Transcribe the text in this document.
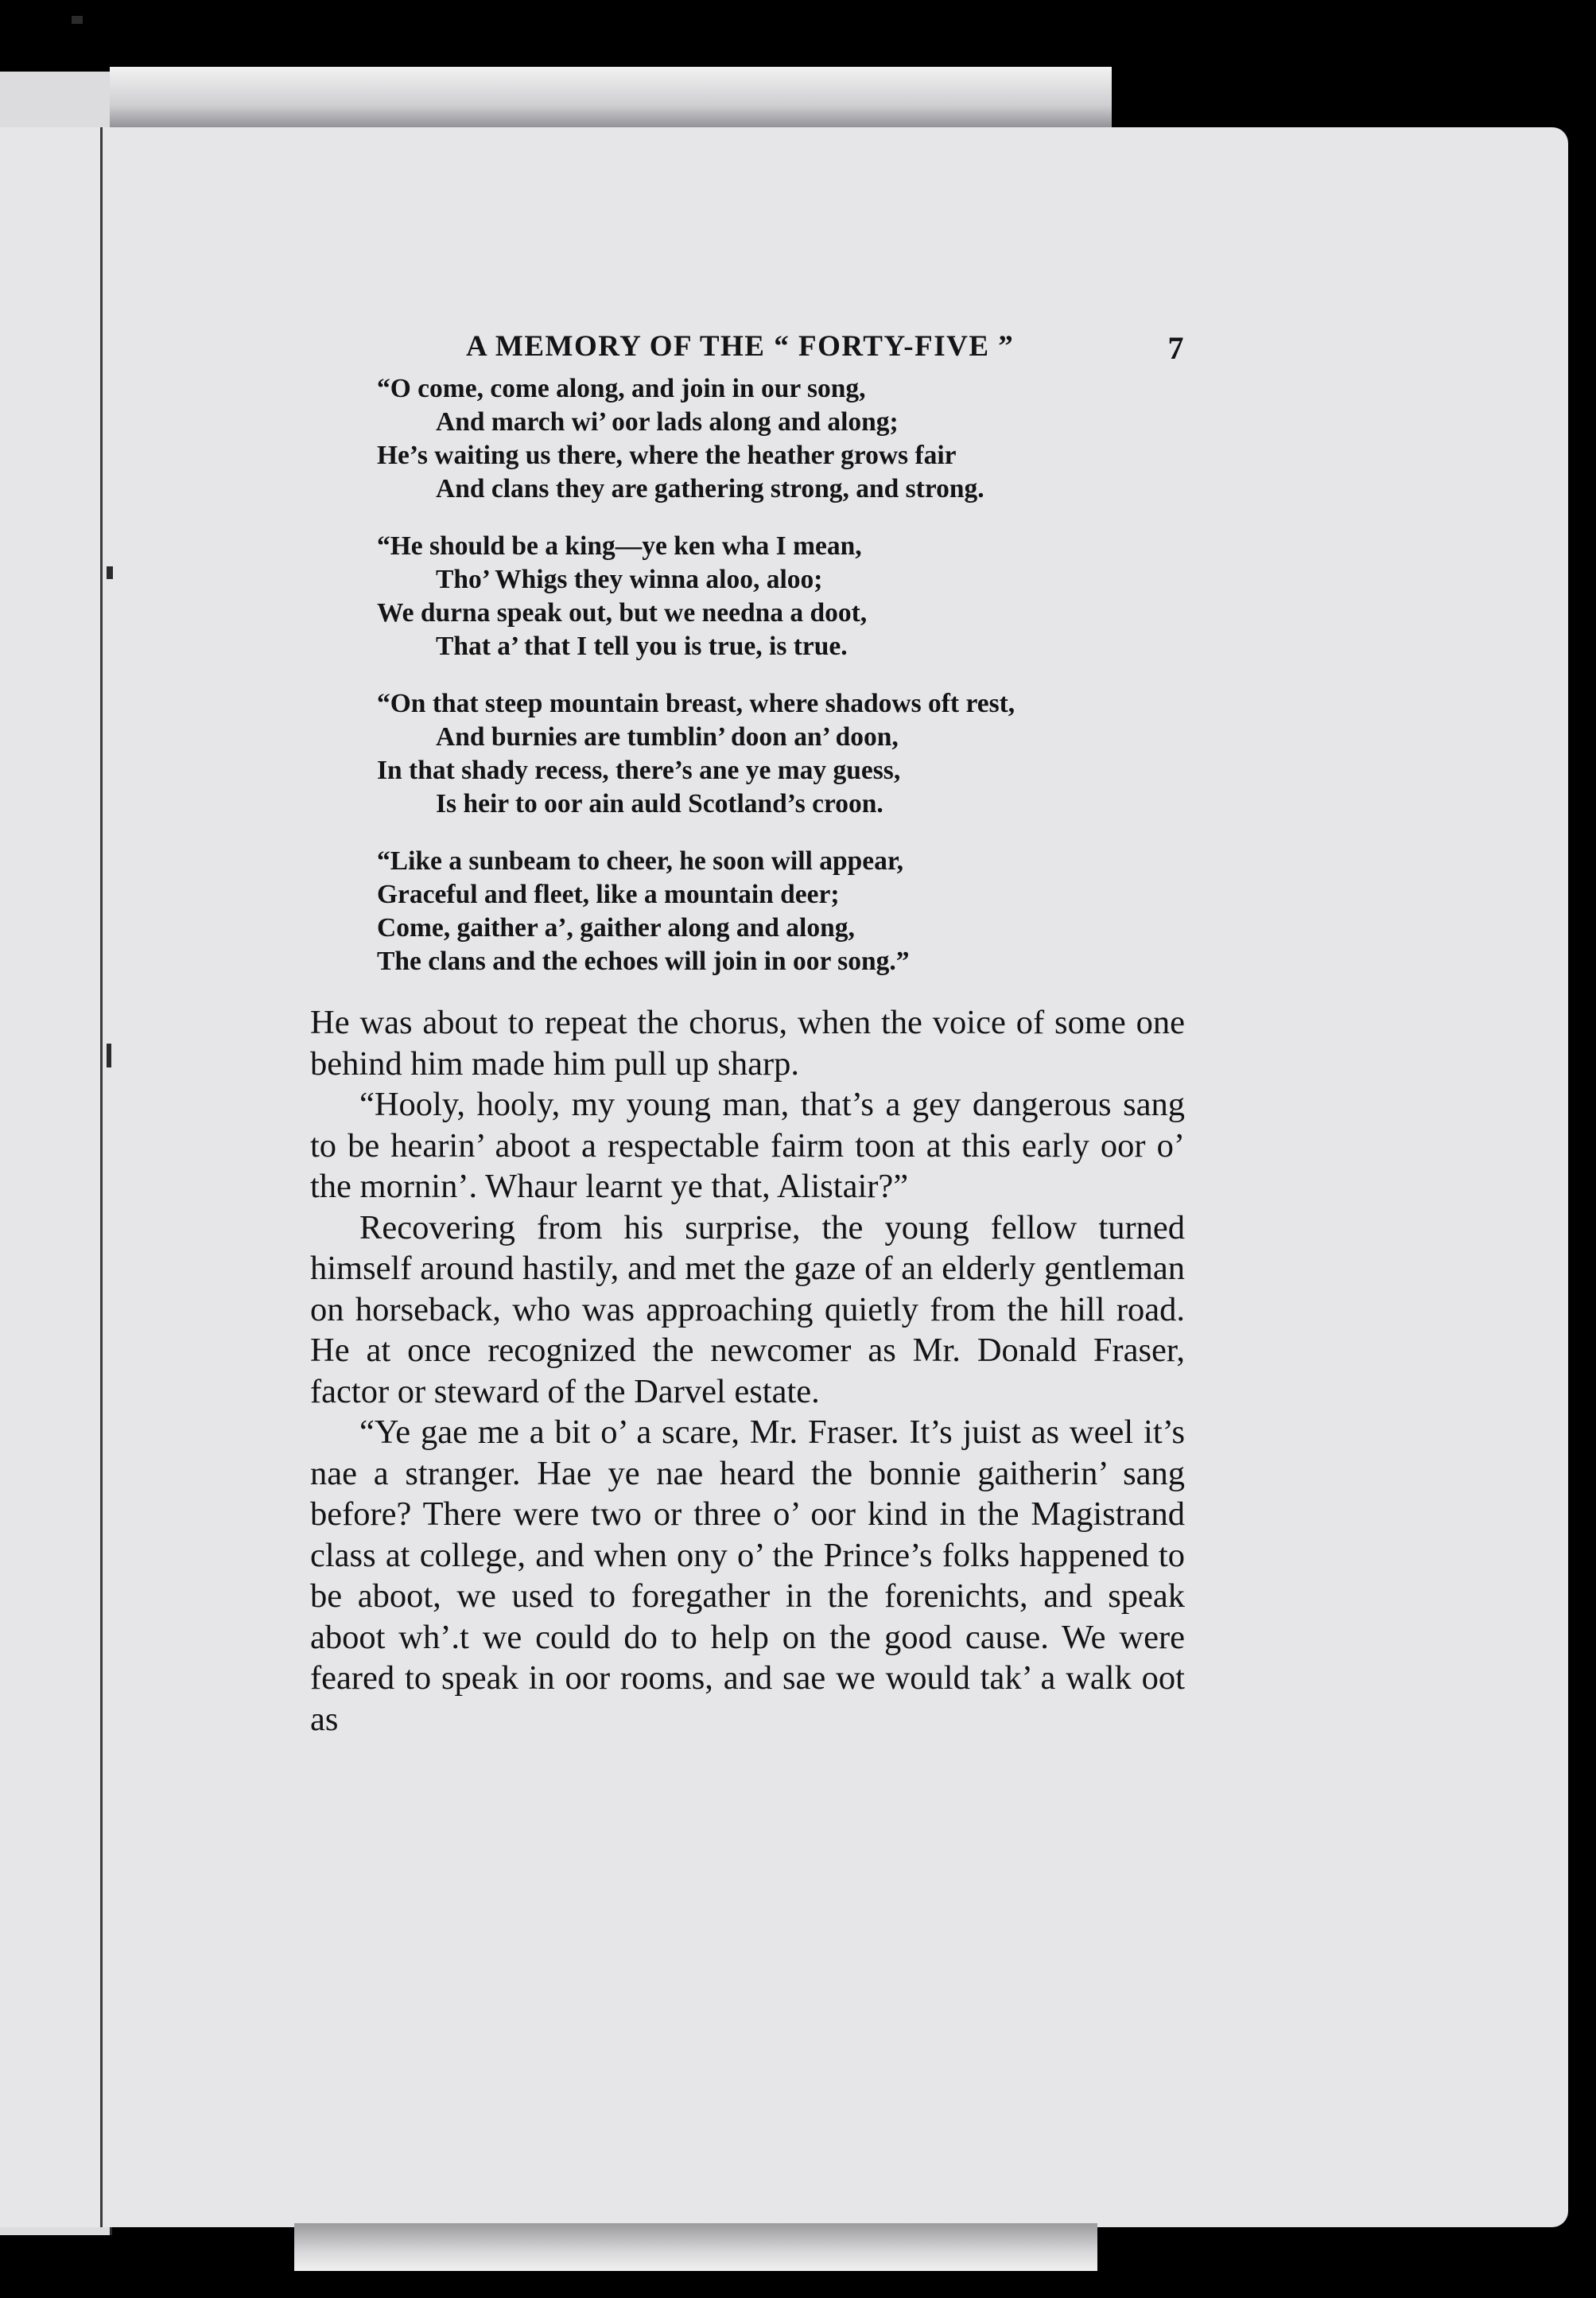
A MEMORY OF THE “ FORTY-FIVE ”	7
“O come, come along, and join in our song,
And march wi’ oor lads along and along;
He’s waiting us there, where the heather grows fair
And clans they are gathering strong, and strong.
“He should be a king—ye ken wha I mean,
Tho’ Whigs they winna aloo, aloo;
We durna speak out, but we needna a doot,
That a’ that I tell you is true, is true.
“On that steep mountain breast, where shadows oft rest,
And burnies are tumblin’ doon an’ doon,
In that shady recess, there’s ane ye may guess,
Is heir to oor ain auld Scotland’s croon.
“Like a sunbeam to cheer, he soon will appear,
Graceful and fleet, like a mountain deer;
Come, gaither a’, gaither along and along,
The clans and the echoes will join in oor song.”

He was about to repeat the chorus, when the voice of some one behind him made him pull up sharp.

“Hooly, hooly, my young man, that’s a gey dangerous sang to be hearin’ aboot a respectable fairm toon at this early oor o’ the mornin’. Whaur learnt ye that, Alistair?”

Recovering from his surprise, the young fellow turned himself around hastily, and met the gaze of an elderly gentleman on horseback, who was approaching quietly from the hill road. He at once recognized the newcomer as Mr. Donald Fraser, factor or steward of the Darvel estate.

“Ye gae me a bit o’ a scare, Mr. Fraser. It’s juist as weel it’s nae a stranger. Hae ye nae heard the bonnie gaitherin’ sang before? There were two or three o’ oor kind in the Magistrand class at college, and when ony o’ the Prince’s folks happened to be aboot, we used to foregather in the forenichts, and speak aboot wh’.t we could do to help on the good cause. We were feared to speak in oor rooms, and sae we would tak’ a walk oot as
